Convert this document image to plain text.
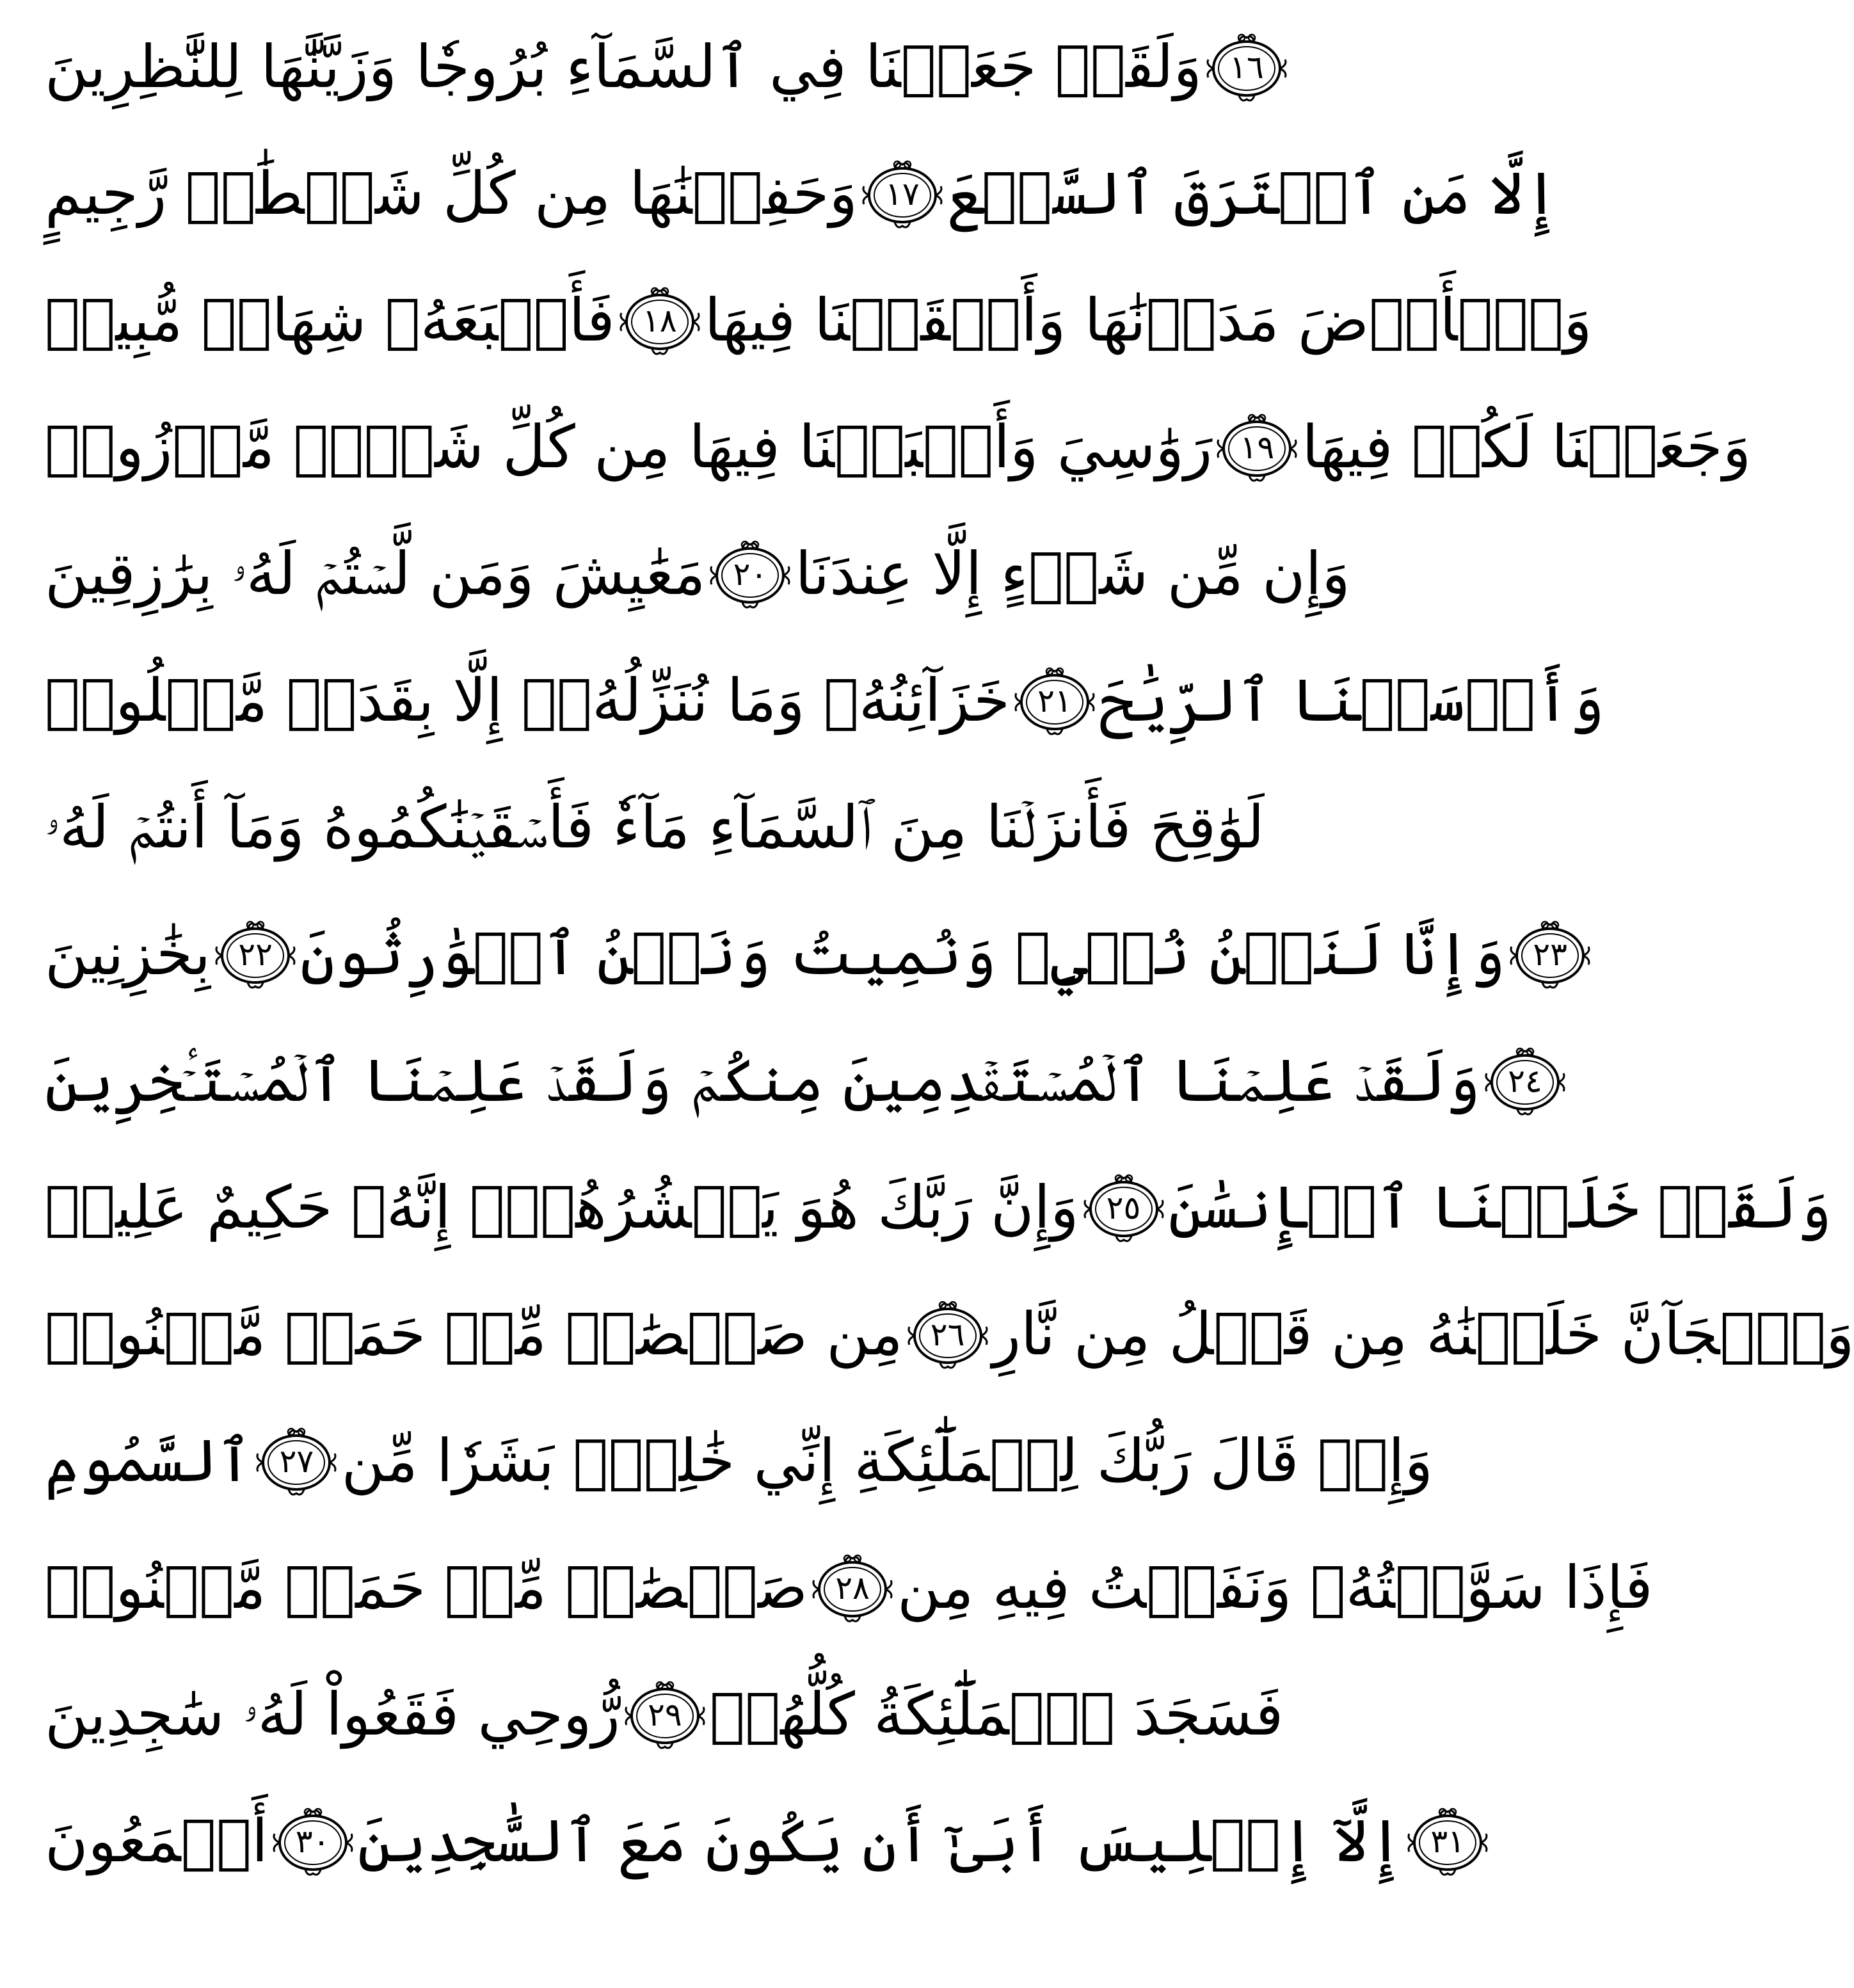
وَلَقَدۡ جَعَلۡنَا فِي ٱلسَّمَآءِ بُرُوجٗا وَزَيَّنَّٰهَا لِلنَّٰظِرِينَ ١٦
وَحَفِظۡنَٰهَا مِن كُلِّ شَيۡطَٰنٖ رَّجِيمٍ ١٧ إِلَّا مَنِ ٱسۡتَرَقَ ٱلسَّمۡعَ
فَأَتۡبَعَهُۥ شِهَابٞ مُّبِينٞ ١٨ وَٱلۡأَرۡضَ مَدَدۡنَٰهَا وَأَلۡقَيۡنَا فِيهَا
رَوَٰسِيَ وَأَنۢبَتۡنَا فِيهَا مِن كُلِّ شَيۡءٖ مَّوۡزُونٖ ١٩ وَجَعَلۡنَا لَكُمۡ فِيهَا
مَعَٰيِشَ وَمَن لَّسۡتُمۡ لَهُۥ بِرَٰزِقِينَ ٢٠ وَإِن مِّن شَيۡءٍ إِلَّا عِندَنَا
خَزَآئِنُهُۥ وَمَا نُنَزِّلُهُۥٓ إِلَّا بِقَدَرٖ مَّعۡلُومٖ ٢١ وَأَرۡسَلۡنَا ٱلرِّيَٰحَ
لَوَٰقِحَ فَأَنزَلۡنَا مِنَ ٱلسَّمَآءِ مَآءٗ فَأَسۡقَيۡنَٰكُمُوهُ وَمَآ أَنتُمۡ لَهُۥ
بِخَٰزِنِينَ ٢٢ وَإِنَّا لَنَحۡنُ نُحۡيِۦ وَنُمِيتُ وَنَحۡنُ ٱلۡوَٰرِثُونَ ٢٣
وَلَقَدۡ عَلِمۡنَا ٱلۡمُسۡتَقۡدِمِينَ مِنكُمۡ وَلَقَدۡ عَلِمۡنَا ٱلۡمُسۡتَـٔۡخِرِينَ ٢٤
وَإِنَّ رَبَّكَ هُوَ يَحۡشُرُهُمۡۚ إِنَّهُۥ حَكِيمٌ عَلِيمٞ ٢٥ وَلَقَدۡ خَلَقۡنَا ٱلۡإِنسَٰنَ
مِن صَلۡصَٰلٖ مِّنۡ حَمَإٖ مَّسۡنُونٖ ٢٦ وَٱلۡجَآنَّ خَلَقۡنَٰهُ مِن قَبۡلُ مِن نَّارِ
ٱلسَّمُومِ ٢٧ وَإِذۡ قَالَ رَبُّكَ لِلۡمَلَٰٓئِكَةِ إِنِّي خَٰلِقُۢ بَشَرٗا مِّن
صَلۡصَٰلٖ مِّنۡ حَمَإٖ مَّسۡنُونٖ ٢٨ فَإِذَا سَوَّيۡتُهُۥ وَنَفَخۡتُ فِيهِ مِن
رُّوحِي فَقَعُواْ لَهُۥ سَٰجِدِينَ ٢٩ فَسَجَدَ ٱلۡمَلَٰٓئِكَةُ كُلُّهُمۡ
أَجۡمَعُونَ ٣٠ إِلَّآ إِبۡلِيسَ أَبَىٰٓ أَن يَكُونَ مَعَ ٱلسَّٰجِدِينَ ٣١
